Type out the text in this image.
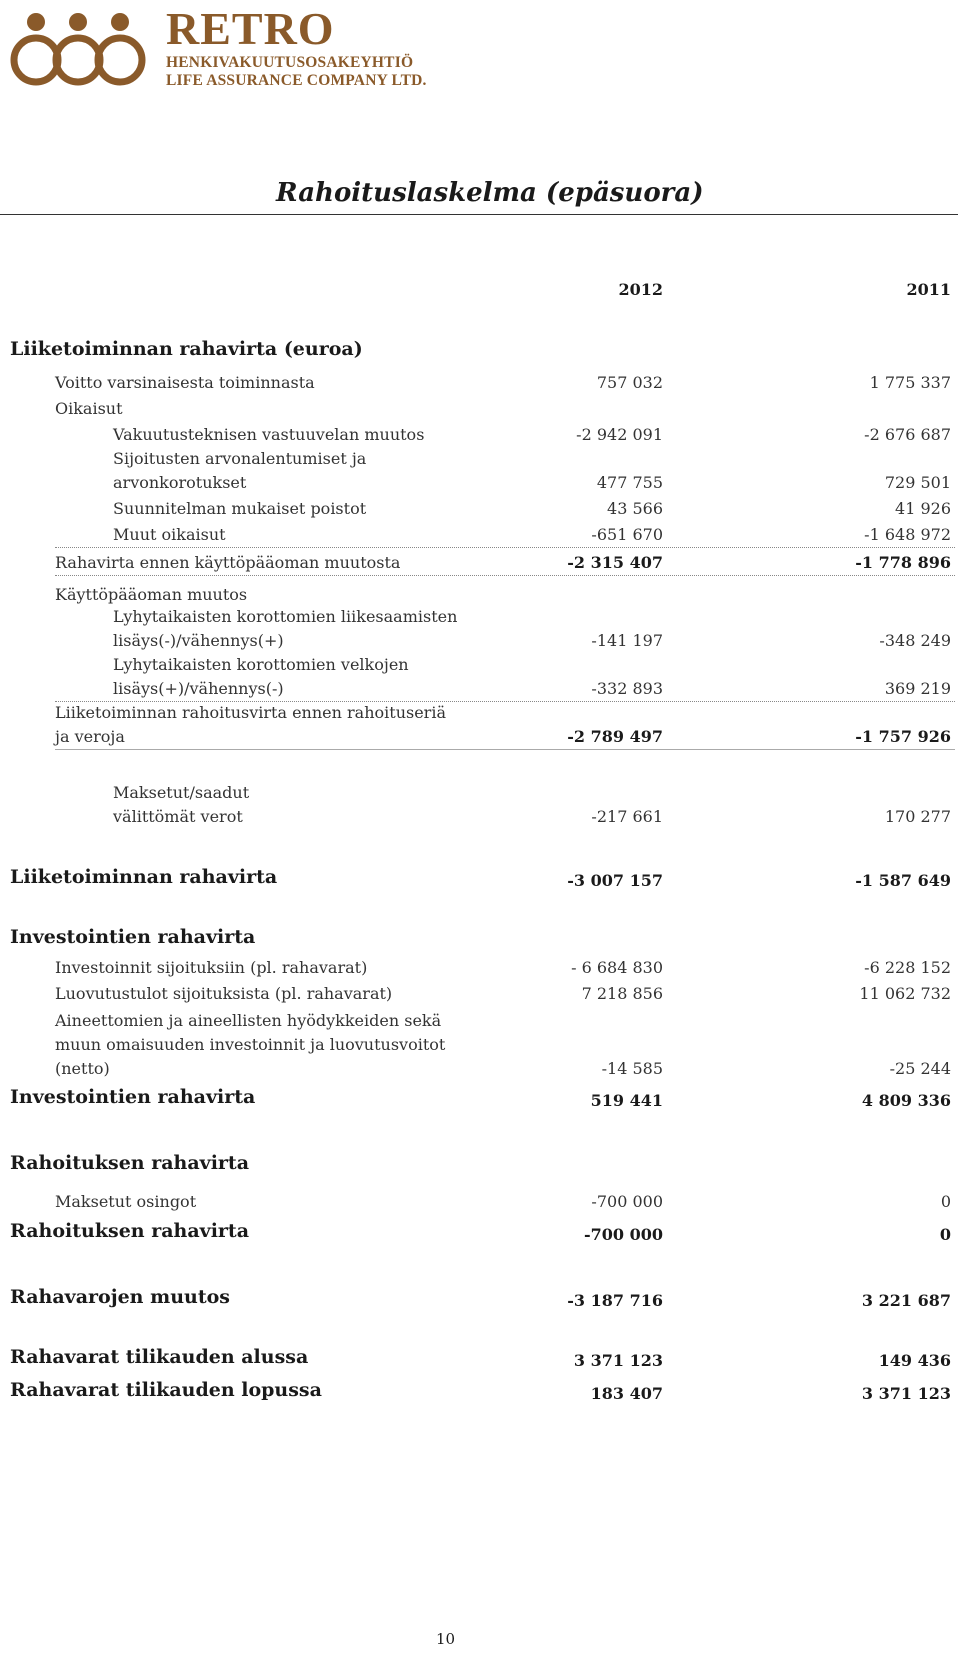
RETRO
HENKIVAKUUTUSOSAKEYHTIÖ
LIFE ASSURANCE COMPANY LTD.
Rahoituslaskelma (epäsuora)
2012	2011
Liiketoiminnan rahavirta (euroa)
Voitto varsinaisesta toiminnasta	757 032	1 775 337
Oikaisut
Vakuutusteknisen vastuuvelan muutos	-2 942 091	-2 676 687
Sijoitusten arvonalentumiset ja
arvonkorotukset	477 755	729 501
Suunnitelman mukaiset poistot	43 566	41 926
Muut oikaisut	-651 670	-1 648 972
Rahavirta ennen käyttöpääoman muutosta	-2 315 407	-1 778 896
Käyttöpääoman muutos
Lyhytaikaisten korottomien liikesaamisten
lisäys(-)/vähennys(+)	-141 197	-348 249
Lyhytaikaisten korottomien velkojen
lisäys(+)/vähennys(-)	-332 893	369 219
Liiketoiminnan rahoitusvirta ennen rahoituseriä
ja veroja	-2 789 497	-1 757 926
Maksetut/saadut
välittömät verot	-217 661	170 277
Liiketoiminnan rahavirta	-3 007 157	-1 587 649
Investointien rahavirta
Investoinnit sijoituksiin (pl. rahavarat)	- 6 684 830	-6 228 152
Luovutustulot sijoituksista (pl. rahavarat)	7 218 856	11 062 732
Aineettomien ja aineellisten hyödykkeiden sekä
muun omaisuuden investoinnit ja luovutusvoitot
(netto)	-14 585	-25 244
Investointien rahavirta	519 441	4 809 336
Rahoituksen rahavirta
Maksetut osingot	-700 000	0
Rahoituksen rahavirta	-700 000	0
Rahavarojen muutos	-3 187 716	3 221 687
Rahavarat tilikauden alussa	3 371 123	149 436
Rahavarat tilikauden lopussa	183 407	3 371 123
10
